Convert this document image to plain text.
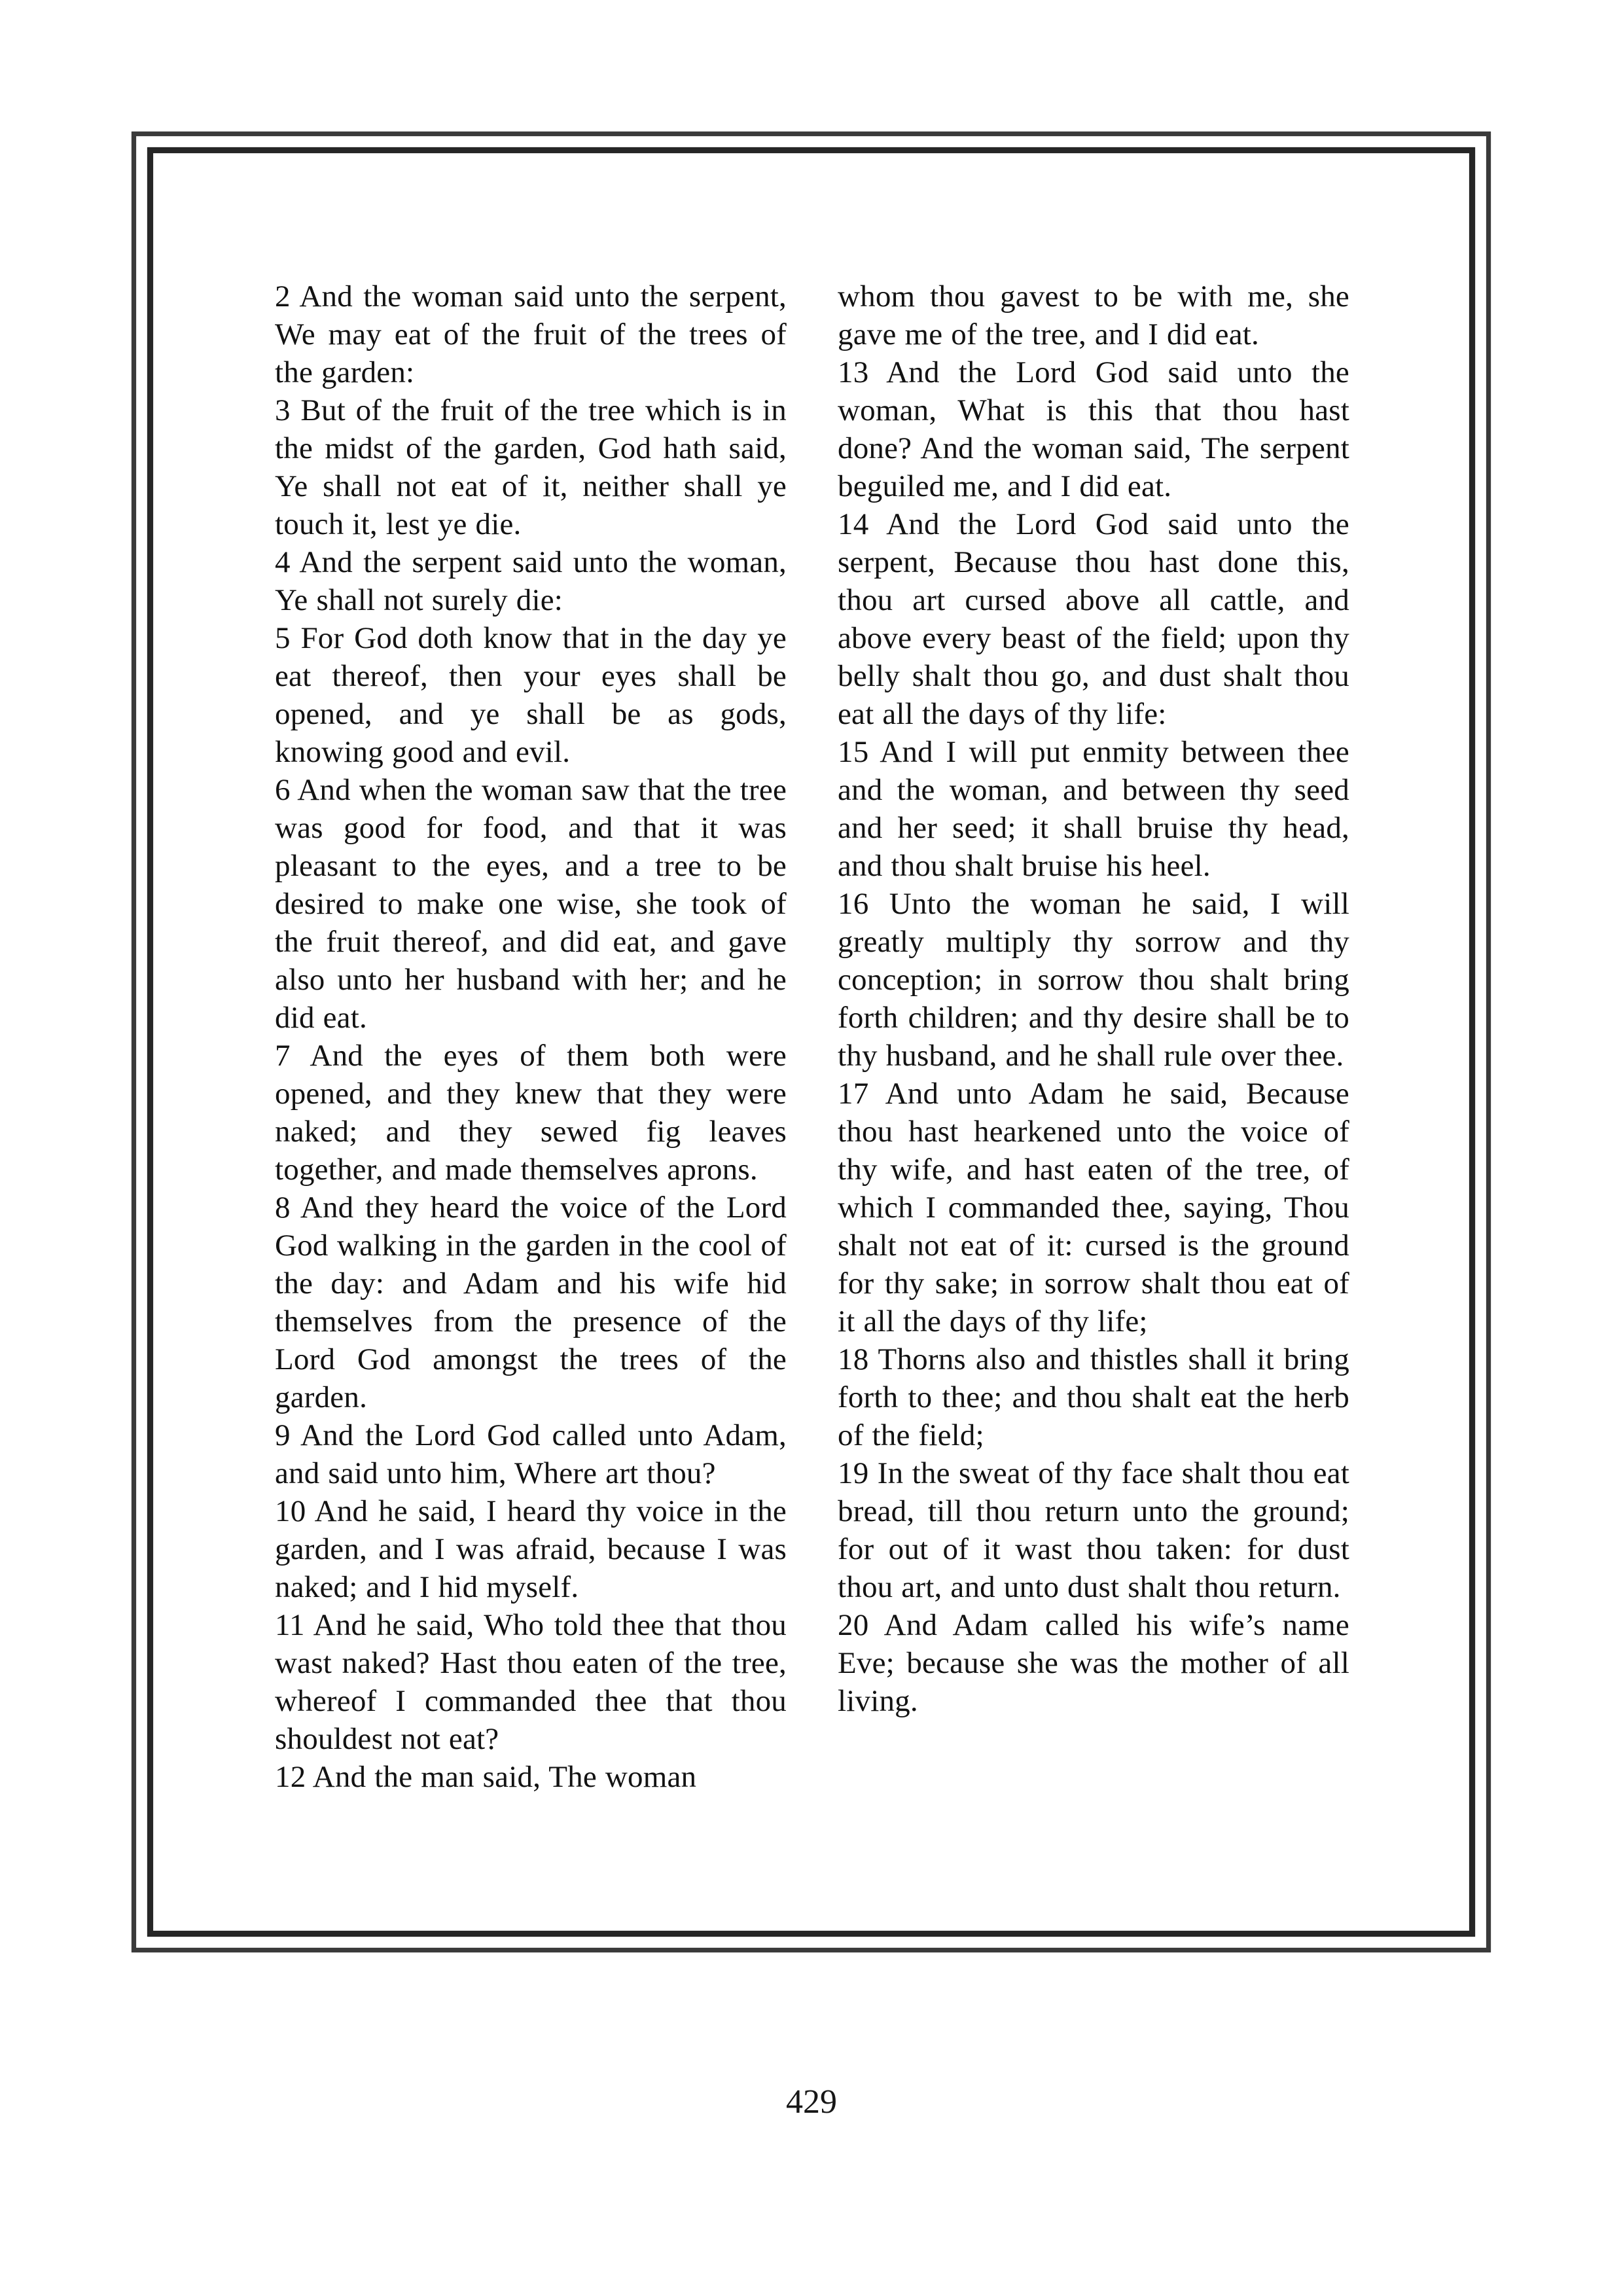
2 And the woman said unto the serpent, We may eat of the fruit of the trees of the garden:

3 But of the fruit of the tree which is in the midst of the garden, God hath said, Ye shall not eat of it, neither shall ye touch it, lest ye die.

4 And the serpent said unto the woman, Ye shall not surely die:

5 For God doth know that in the day ye eat thereof, then your eyes shall be opened, and ye shall be as gods, knowing good and evil.

6 And when the woman saw that the tree was good for food, and that it was pleasant to the eyes, and a tree to be desired to make one wise, she took of the fruit thereof, and did eat, and gave also unto her husband with her; and he did eat.

7 And the eyes of them both were opened, and they knew that they were naked; and they sewed fig leaves together, and made themselves aprons.

8 And they heard the voice of the Lord God walking in the garden in the cool of the day: and Adam and his wife hid themselves from the presence of the Lord God amongst the trees of the garden.

9 And the Lord God called unto Adam, and said unto him, Where art thou?

10 And he said, I heard thy voice in the garden, and I was afraid, because I was naked; and I hid myself.

11 And he said, Who told thee that thou wast naked? Hast thou eaten of the tree, whereof I commanded thee that thou shouldest not eat?

12 And the man said, The woman

whom thou gavest to be with me, she gave me of the tree, and I did eat.

13 And the Lord God said unto the woman, What is this that thou hast done? And the woman said, The serpent beguiled me, and I did eat.

14 And the Lord God said unto the serpent, Because thou hast done this, thou art cursed above all cattle, and above every beast of the field; upon thy belly shalt thou go, and dust shalt thou eat all the days of thy life:

15 And I will put enmity between thee and the woman, and between thy seed and her seed; it shall bruise thy head, and thou shalt bruise his heel.

16 Unto the woman he said, I will greatly multiply thy sorrow and thy conception; in sorrow thou shalt bring forth children; and thy desire shall be to thy husband, and he shall rule over thee.

17 And unto Adam he said, Because thou hast hearkened unto the voice of thy wife, and hast eaten of the tree, of which I commanded thee, saying, Thou shalt not eat of it: cursed is the ground for thy sake; in sorrow shalt thou eat of it all the days of thy life;

18 Thorns also and thistles shall it bring forth to thee; and thou shalt eat the herb of the field;

19 In the sweat of thy face shalt thou eat bread, till thou return unto the ground; for out of it wast thou taken: for dust thou art, and unto dust shalt thou return.

20 And Adam called his wife’s name Eve; because she was the mother of all living.

429
